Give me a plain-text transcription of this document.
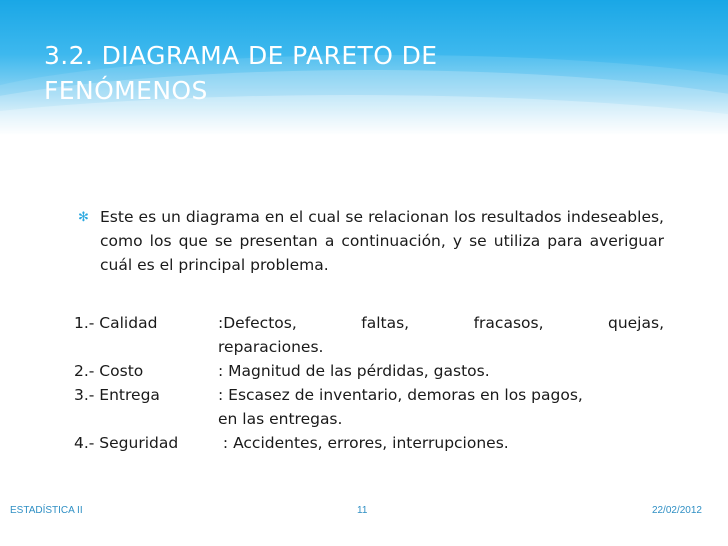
3.2. DIAGRAMA DE PARETO DE
FENÓMENOS
✻ Este es un diagrama en el cual se relacionan los resultados indeseables, como los que se presentan a continuación, y se utiliza para averiguar cuál es el principal problema.
1.- Calidad	:Defectos, faltas, fracasos, quejas,
reparaciones.
2.- Costo	: Magnitud de las pérdidas, gastos.
3.- Entrega	: Escasez de inventario, demoras en los pagos,
en las entregas.
4.- Seguridad	: Accidentes, errores, interrupciones.
ESTADÍSTICA II	11	22/02/2012
